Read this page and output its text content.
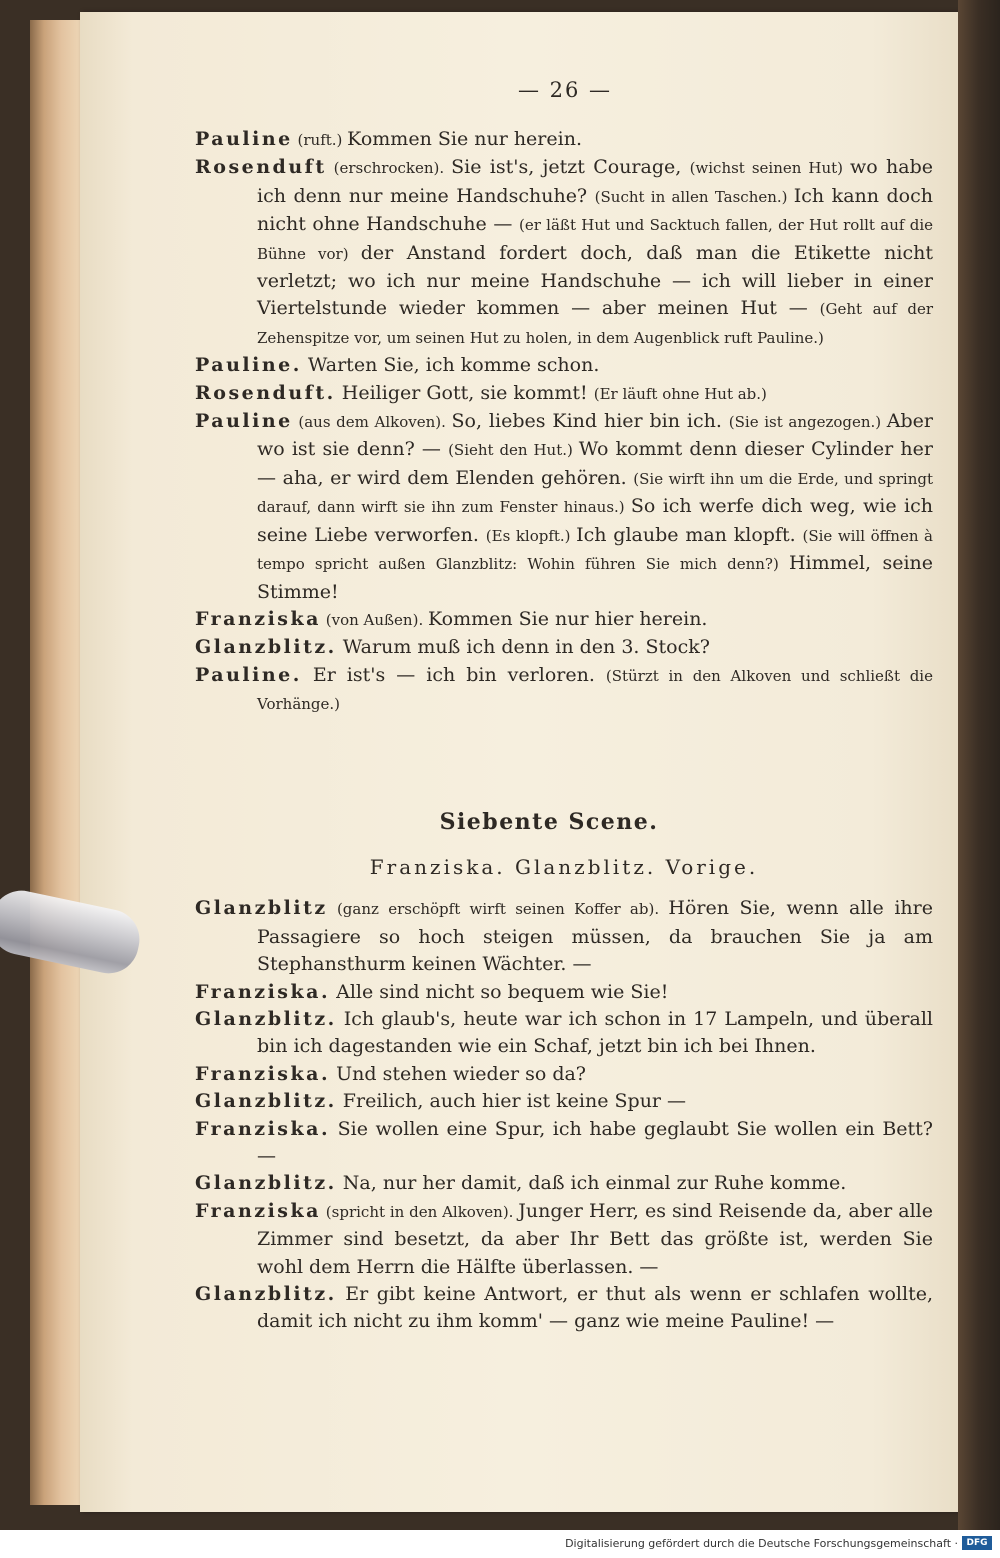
— 26 —

Pauline (ruft.) Kommen Sie nur herein.

Rosenduft (erschrocken). Sie ist's, jetzt Courage, (wichst seinen Hut) wo habe ich denn nur meine Handschuhe? (Sucht in allen Taschen.) Ich kann doch nicht ohne Handschuhe — (er läßt Hut und Sacktuch fallen, der Hut rollt auf die Bühne vor) der Anstand fordert doch, daß man die Etikette nicht verletzt; wo ich nur meine Handschuhe — ich will lieber in einer Viertelstunde wieder kommen — aber meinen Hut — (Geht auf der Zehenspitze vor, um seinen Hut zu holen, in dem Augenblick ruft Pauline.)

Pauline. Warten Sie, ich komme schon.

Rosenduft. Heiliger Gott, sie kommt! (Er läuft ohne Hut ab.)

Pauline (aus dem Alkoven). So, liebes Kind hier bin ich. (Sie ist angezogen.) Aber wo ist sie denn? — (Sieht den Hut.) Wo kommt denn dieser Cylinder her — aha, er wird dem Elenden gehören. (Sie wirft ihn um die Erde, und springt darauf, dann wirft sie ihn zum Fenster hinaus.) So ich werfe dich weg, wie ich seine Liebe verworfen. (Es klopft.) Ich glaube man klopft. (Sie will öffnen à tempo spricht außen Glanzblitz: Wohin führen Sie mich denn?) Himmel, seine Stimme!

Franziska (von Außen). Kommen Sie nur hier herein.

Glanzblitz. Warum muß ich denn in den 3. Stock?

Pauline. Er ist's — ich bin verloren. (Stürzt in den Alkoven und schließt die Vorhänge.)

Siebente Scene.
Franziska. Glanzblitz. Vorige.

Glanzblitz (ganz erschöpft wirft seinen Koffer ab). Hören Sie, wenn alle ihre Passagiere so hoch steigen müssen, da brauchen Sie ja am Stephansthurm keinen Wächter. —

Franziska. Alle sind nicht so bequem wie Sie!

Glanzblitz. Ich glaub's, heute war ich schon in 17 Lampeln, und überall bin ich dagestanden wie ein Schaf, jetzt bin ich bei Ihnen.

Franziska. Und stehen wieder so da?

Glanzblitz. Freilich, auch hier ist keine Spur —

Franziska. Sie wollen eine Spur, ich habe geglaubt Sie wollen ein Bett? —

Glanzblitz. Na, nur her damit, daß ich einmal zur Ruhe komme.

Franziska (spricht in den Alkoven). Junger Herr, es sind Reisende da, aber alle Zimmer sind besetzt, da aber Ihr Bett das größte ist, werden Sie wohl dem Herrn die Hälfte überlassen. —

Glanzblitz. Er gibt keine Antwort, er thut als wenn er schlafen wollte, damit ich nicht zu ihm komm' — ganz wie meine Pauline! —

Digitalisierung gefördert durch die Deutsche Forschungsgemeinschaft · DFG
